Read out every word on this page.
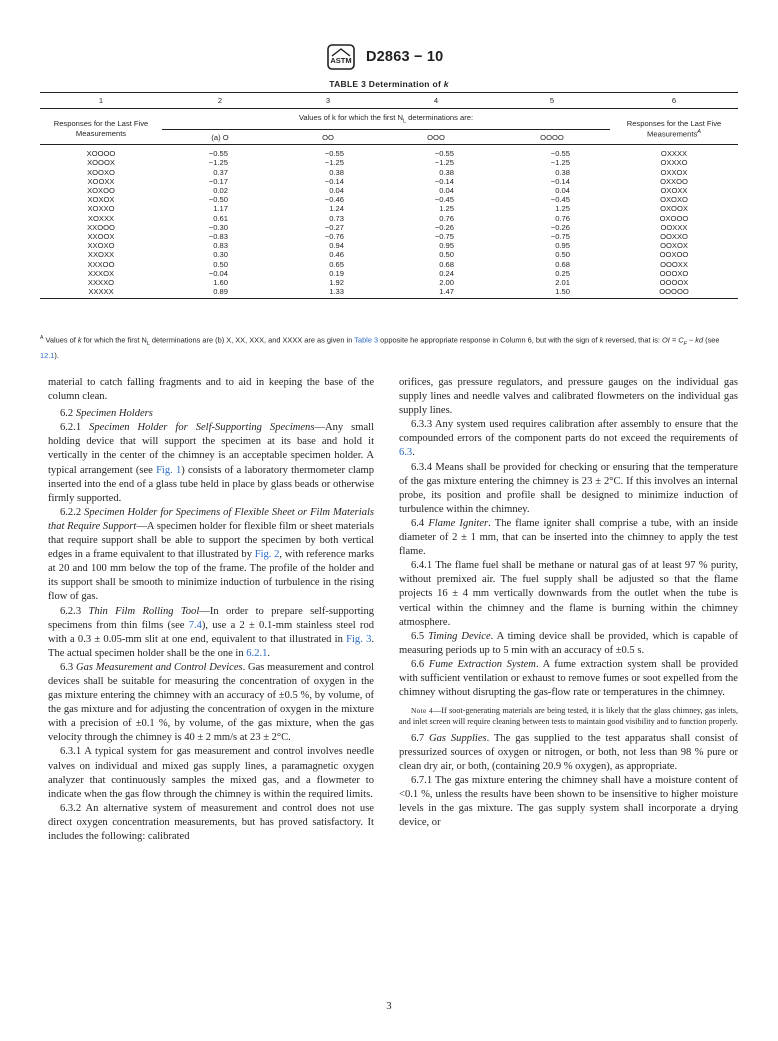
ASTM D2863 − 10
TABLE 3 Determination of k
1	2	3	4	5	6
Responses for the Last Five Measurements	Values of k for which the first $N_L$ determinations are:				Responses for the Last Five Measurements$^A$
	(a) O	OO	OOO	OOOO	
XOOOO	−0.55	−0.55	−0.55	−0.55	OXXXX
XOOOX	−1.25	−1.25	−1.25	−1.25	OXXXO
XOOXO	0.37	0.38	0.38	0.38	OXXOX
XOOXX	−0.17	−0.14	−0.14	−0.14	OXXOO
XOXOO	0.02	0.04	0.04	0.04	OXOXX
XOXOX	−0.50	−0.46	−0.45	−0.45	OXOXO
XOXXO	1.17	1.24	1.25	1.25	OXOOX
XOXXX	0.61	0.73	0.76	0.76	OXOOO
XXOOO	−0.30	−0.27	−0.26	−0.26	OOXXX
XXOOX	−0.83	−0.76	−0.75	−0.75	OOXXO
XXOXO	0.83	0.94	0.95	0.95	OOXOX
XXOXX	0.30	0.46	0.50	0.50	OOXOO
XXXOO	0.50	0.65	0.68	0.68	OOOXX
XXXOX	−0.04	0.19	0.24	0.25	OOOXO
XXXXO	1.60	1.92	2.00	2.01	OOOOX
XXXXX	0.89	1.33	1.47	1.50	OOOOO
$^A$ Values of k for which the first $N_L$ determinations are (b) X, XX, XXX, and XXXX are as given in Table 3 opposite he appropriate response in Column 6, but with the sign of k reversed, that is: OI = $C_F$ − kd (see 12.1).

material to catch falling fragments and to aid in keeping the base of the column clean.

6.2 Specimen Holders

6.2.1 Specimen Holder for Self-Supporting Specimens—Any small holding device that will support the specimen at its base and hold it vertically in the center of the chimney is an acceptable specimen holder. A typical arrangement (see Fig. 1) consists of a laboratory thermometer clamp inserted into the end of a glass tube held in place by glass beads or otherwise firmly supported.

6.2.2 Specimen Holder for Specimens of Flexible Sheet or Film Materials that Require Support—A specimen holder for flexible film or sheet materials that require support shall be able to support the specimen by both vertical edges in a frame equivalent to that illustrated by Fig. 2, with reference marks at 20 and 100 mm below the top of the frame. The profile of the holder and its support shall be smooth to minimize induction of turbulence in the rising flow of gas.

6.2.3 Thin Film Rolling Tool—In order to prepare self-supporting specimens from thin films (see 7.4), use a 2 ± 0.1-mm stainless steel rod with a 0.3 ± 0.05-mm slit at one end, equivalent to that illustrated in Fig. 3. The actual specimen holder shall be the one in 6.2.1.

6.3 Gas Measurement and Control Devices. Gas measurement and control devices shall be suitable for measuring the concentration of oxygen in the gas mixture entering the chimney with an accuracy of ±0.5 %, by volume, of the gas mixture and for adjusting the concentration of oxygen in the mixture with a precision of ±0.1 %, by volume, of the gas mixture, when the gas velocity through the chimney is 40 ± 2 mm/s at 23 ± 2°C.

6.3.1 A typical system for gas measurement and control involves needle valves on individual and mixed gas supply lines, a paramagnetic oxygen analyzer that continuously samples the mixed gas, and a flowmeter to indicate when the gas flow through the chimney is within the required limits.

6.3.2 An alternative system of measurement and control does not use direct oxygen concentration measurements, but has proved satisfactory. It includes the following: calibrated

orifices, gas pressure regulators, and pressure gauges on the individual gas supply lines and needle valves and calibrated flowmeters on the individual gas supply lines.

6.3.3 Any system used requires calibration after assembly to ensure that the compounded errors of the component parts do not exceed the requirements of 6.3.

6.3.4 Means shall be provided for checking or ensuring that the temperature of the gas mixture entering the chimney is 23 ± 2°C. If this involves an internal probe, its position and profile shall be designed to minimize induction of turbulence within the chimney.

6.4 Flame Igniter. The flame igniter shall comprise a tube, with an inside diameter of 2 ± 1 mm, that can be inserted into the chimney to apply the test flame.

6.4.1 The flame fuel shall be methane or natural gas of at least 97 % purity, without premixed air. The fuel supply shall be adjusted so that the flame projects 16 ± 4 mm vertically downwards from the outlet when the tube is vertical within the chimney and the flame is burning within the chimney atmosphere.

6.5 Timing Device. A timing device shall be provided, which is capable of measuring periods up to 5 min with an accuracy of ±0.5 s.

6.6 Fume Extraction System. A fume extraction system shall be provided with sufficient ventilation or exhaust to remove fumes or soot expelled from the chimney without disrupting the gas-flow rate or temperatures in the chimney.

Note 4—If soot-generating materials are being tested, it is likely that the glass chimney, gas inlets, and inlet screen will require cleaning between tests to maintain good visibility and to function properly.

6.7 Gas Supplies. The gas supplied to the test apparatus shall consist of pressurized sources of oxygen or nitrogen, or both, not less than 98 % pure or clean dry air, or both, (containing 20.9 % oxygen), as appropriate.

6.7.1 The gas mixture entering the chimney shall have a moisture content of <0.1 %, unless the results have been shown to be insensitive to higher moisture levels in the gas mixture. The gas supply system shall incorporate a drying device, or

3
